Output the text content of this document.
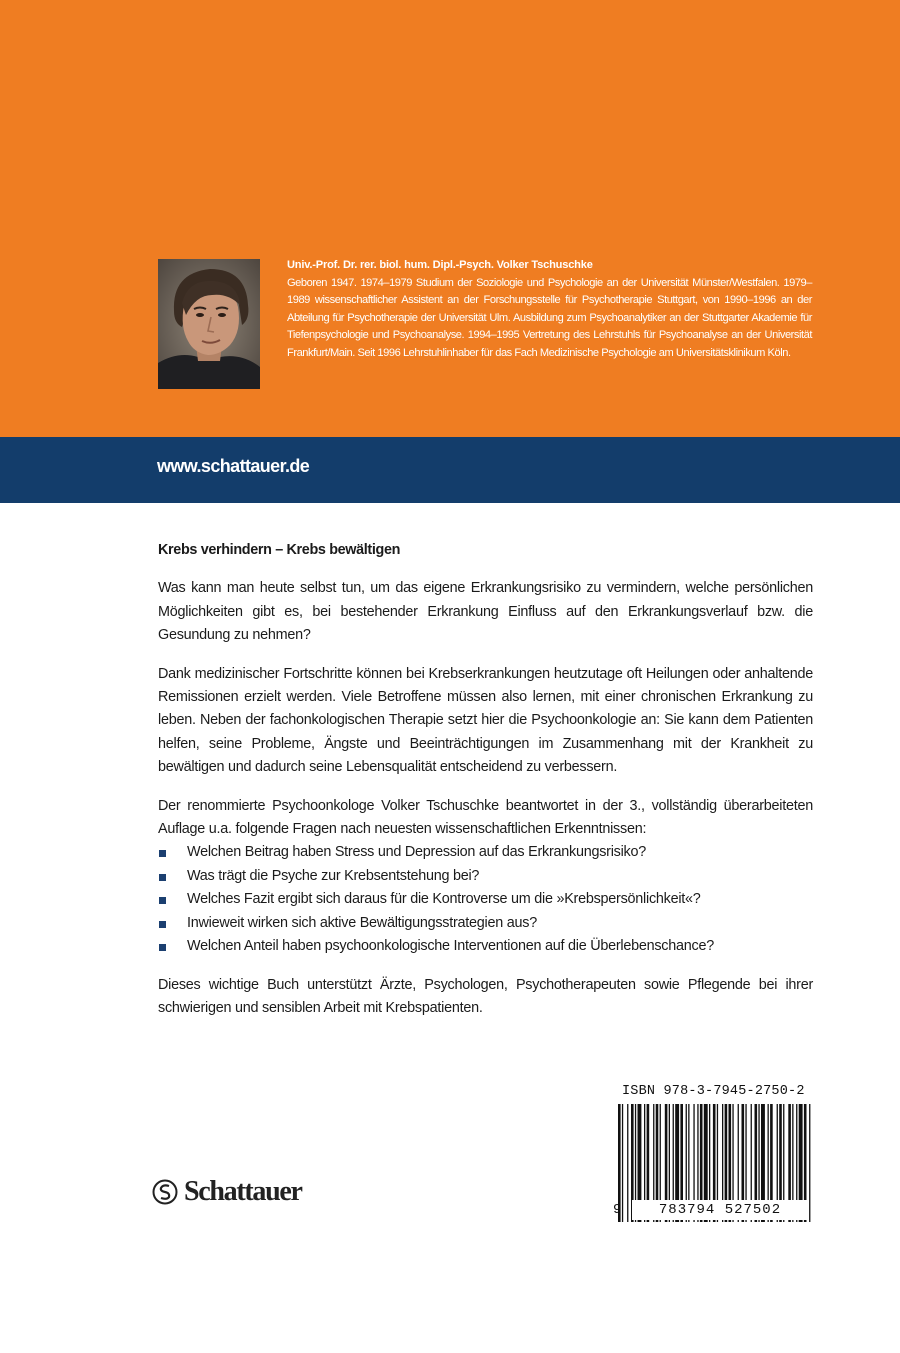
Univ.-Prof. Dr. rer. biol. hum. Dipl.-Psych. Volker Tschuschke
Geboren 1947. 1974–1979 Studium der Soziologie und Psychologie an der Universität Münster/Westfalen. 1979–1989 wissenschaftlicher Assistent an der Forschungsstelle für Psychotherapie Stuttgart, von 1990–1996 an der Abteilung für Psychotherapie der Universität Ulm. Ausbildung zum Psychoanalytiker an der Stuttgarter Akademie für Tiefenpsychologie und Psychoanalyse. 1994–1995 Vertretung des Lehrstuhls für Psychoanalyse an der Universität Frankfurt/Main. Seit 1996 Lehrstuhlinhaber für das Fach Medizinische Psychologie am Universitätsklinikum Köln.
www.schattauer.de
Krebs verhindern – Krebs bewältigen

Was kann man heute selbst tun, um das eigene Erkrankungsrisiko zu vermindern, welche persönlichen Möglichkeiten gibt es, bei bestehender Erkrankung Einfluss auf den Erkrankungsverlauf bzw. die Gesundung zu nehmen?

Dank medizinischer Fortschritte können bei Krebserkrankungen heutzutage oft Heilungen oder anhaltende Remissionen erzielt werden. Viele Betroffene müssen also lernen, mit einer chronischen Erkrankung zu leben. Neben der fachonkologischen Therapie setzt hier die Psychoonkologie an: Sie kann dem Patienten helfen, seine Probleme, Ängste und Beeinträchtigungen im Zusammenhang mit der Krankheit zu bewältigen und dadurch seine Lebensqualität entscheidend zu verbessern.

Der renommierte Psychoonkologe Volker Tschuschke beantwortet in der 3., vollständig überarbeiteten Auflage u.a. folgende Fragen nach neuesten wissenschaftlichen Erkenntnissen:

Welchen Beitrag haben Stress und Depression auf das Erkrankungsrisiko?
Was trägt die Psyche zur Krebsentstehung bei?
Welches Fazit ergibt sich daraus für die Kontroverse um die »Krebspersönlichkeit«?
Inwieweit wirken sich aktive Bewältigungsstrategien aus?
Welchen Anteil haben psychoonkologische Interventionen auf die Überlebenschance?

Dieses wichtige Buch unterstützt Ärzte, Psychologen, Psychotherapeuten sowie Pflegende bei ihrer schwierigen und sensiblen Arbeit mit Krebspatienten.

ISBN 978-3-7945-2750-2
9	783794 527502
Schattauer
